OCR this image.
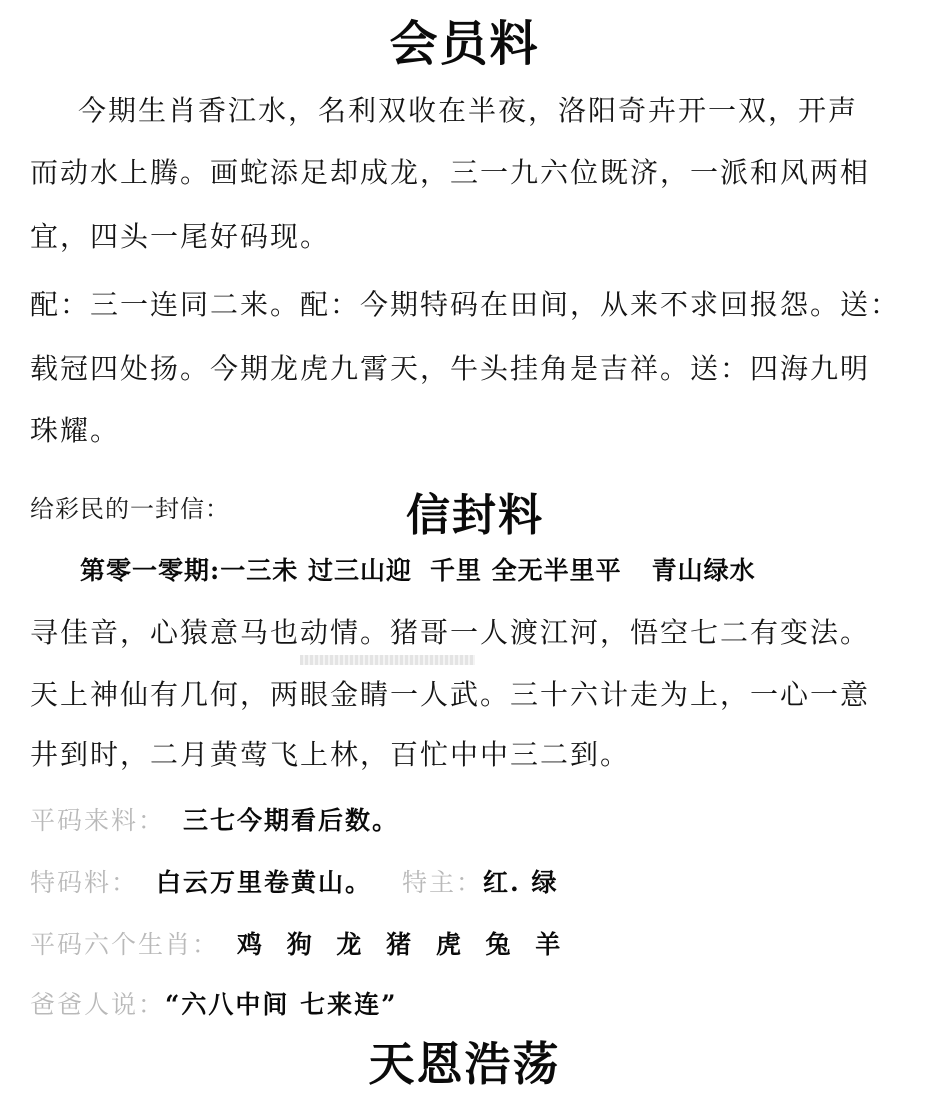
会员料
今期生肖香江水，名利双收在半夜，洛阳奇卉开一双，开声
而动水上腾。画蛇添足却成龙，三一九六位既济，一派和风两相
宜，四头一尾好码现。
配：三一连同二来。配：今期特码在田间，从来不求回报怨。送：
载冠四处扬。今期龙虎九霄天，牛头挂角是吉祥。送：四海九明
珠耀。
给彩民的一封信：	信封料
第零一零期:一三未 过三山迎 千里 全无半里平 青山绿水
寻佳音，心猿意马也动情。猪哥一人渡江河，悟空七二有变法。
天上神仙有几何，两眼金睛一人武。三十六计走为上，一心一意
井到时，二月黄莺飞上林，百忙中中三二到。
平码来料： 三七今期看后数。
特码料： 白云万里卷黄山。 特主：红. 绿
平码六个生肖： 鸡 狗 龙 猪 虎 兔 羊
爸爸人说：“六八中间 七来连”
天恩浩荡
